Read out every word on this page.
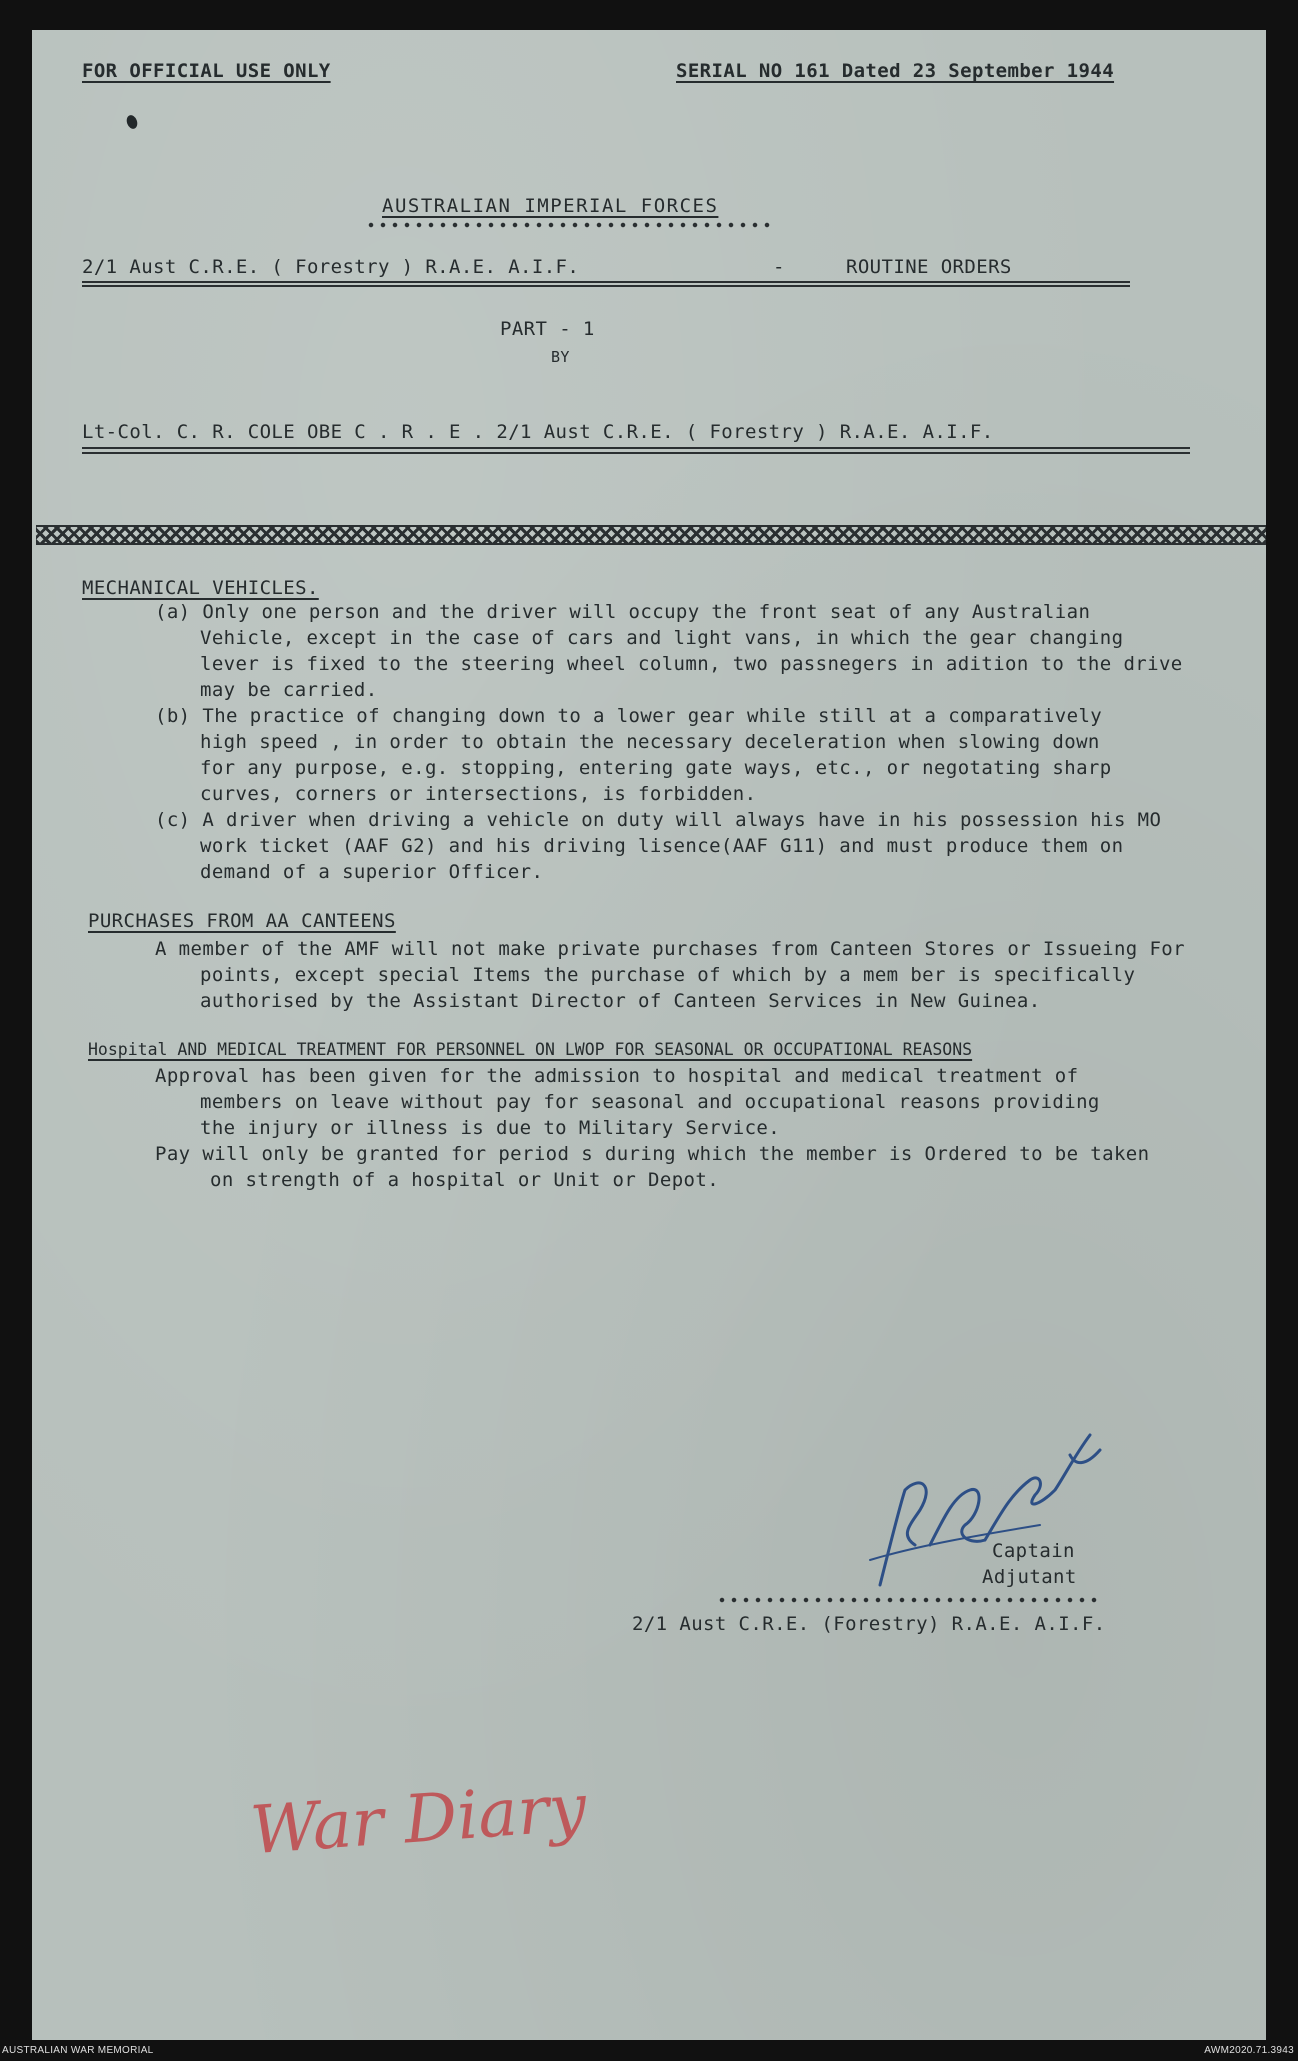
FOR OFFICIAL USE ONLY	SERIAL NO 161 Dated 23 September 1944
AUSTRALIAN IMPERIAL FORCES
2/1 Aust C.R.E. ( Forestry ) R.A.E. A.I.F.	-	ROUTINE ORDERS
PART - 1
BY
Lt-Col. C. R. COLE OBE C . R . E . 2/1 Aust C.R.E. ( Forestry ) R.A.E. A.I.F.
MECHANICAL VEHICLES.
(a) Only one person and the driver will occupy the front seat of any Australian
Vehicle, except in the case of cars and light vans, in which the gear changing
lever is fixed to the steering wheel column, two passnegers in adition to the drive
may be carried.
(b) The practice of changing down to a lower gear while still at a comparatively
high speed , in order to obtain the necessary deceleration when slowing down
for any purpose, e.g. stopping, entering gate ways, etc., or negotating sharp
curves, corners or intersections, is forbidden.
(c) A driver when driving a vehicle on duty will always have in his possession his MO
work ticket (AAF G2) and his driving lisence(AAF G11) and must produce them on
demand of a superior Officer.
PURCHASES FROM AA CANTEENS
A member of the AMF will not make private purchases from Canteen Stores or Issueing For
points, except special Items the purchase of which by a mem ber is specifically
authorised by the Assistant Director of Canteen Services in New Guinea.
Hospital AND MEDICAL TREATMENT FOR PERSONNEL ON LWOP FOR SEASONAL OR OCCUPATIONAL REASONS
Approval has been given for the admission to hospital and medical treatment of
members on leave without pay for seasonal and occupational reasons providing
the injury or illness is due to Military Service.
Pay will only be granted for period s during which the member is Ordered to be taken
on strength of a hospital or Unit or Depot.
Captain
Adjutant
2/1 Aust C.R.E. (Forestry) R.A.E. A.I.F.
War Diary
AUSTRALIAN WAR MEMORIAL	AWM2020.71.3943
